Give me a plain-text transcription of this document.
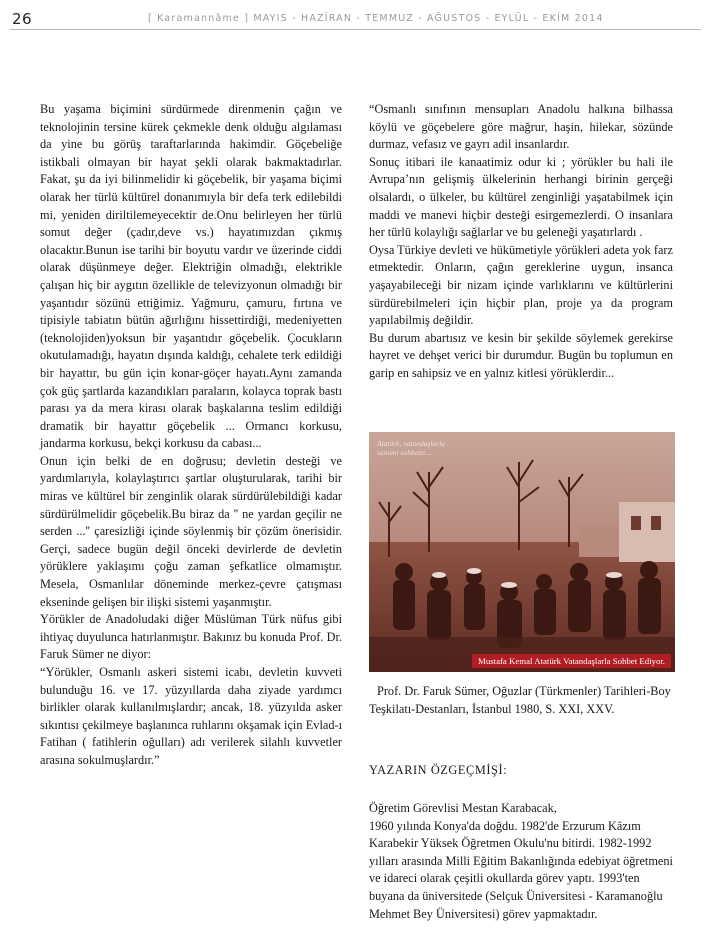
26	[ Karamannâme ] MAYIS - HAZİRAN - TEMMUZ - AĞUSTOS - EYLÜL - EKİM 2014

Bu yaşama biçimini sürdürmede direnmenin çağın ve teknolojinin tersine kürek çekmekle denk olduğu algılaması da yine bu görüş taraftarlarında hakimdir. Göçebeliğe istikbali olmayan bir hayat şekli olarak bakmaktadırlar. Fakat, şu da iyi bilinmelidir ki göçebelik, bir yaşama biçimi olarak her türlü kültürel donanımıyla bir defa terk edilebildi mi, yeniden diriltilemeyecektir de.Onu belirleyen her türlü somut değer (çadır,deve vs.) hayatımızdan çıkmış olacaktır.Bunun ise tarihi bir boyutu vardır ve üzerinde ciddi olarak düşünmeye değer. Elektriğin olmadığı, elektrikle çalışan hiç bir aygıtın özellikle de televizyonun olmadığı bir yaşantıdır sözünü ettiğimiz. Yağmuru, çamuru, fırtına ve tipisiyle tabiatın bütün ağırlığını hissettirdiği, medeniyetten (teknolojiden)yoksun bir yaşantıdır göçebelik. Çocukların okutulamadığı, hayatın dışında kaldığı, cehalete terk edildiği bir hayattır, bu gün için konar-göçer hayatı.Aynı zamanda çok güç şartlarda kazandıkları paraların, kolayca toprak bastı parası ya da mera kirası olarak başkalarına teslim edildiği dramatik bir hayattır göçebelik ... Ormancı korkusu, jandarma korkusu, bekçi korkusu da cabası...

Onun için belki de en doğrusu; devletin desteği ve yardımlarıyla, kolaylaştırıcı şartlar oluşturularak, tarihi bir miras ve kültürel bir zenginlik olarak sürdürülebildiği kadar sürdürülmelidir göçebelik.Bu biraz da '' ne yardan geçilir ne serden ...'' çaresizliği içinde söylenmiş bir çözüm önerisidir. Gerçi, sadece bugün değil önceki devirlerde de devletin yörüklere yaklaşımı çoğu zaman şefkatlice olmamıştır. Mesela, Osmanlılar döneminde merkez-çevre çatışması ekseninde gelişen bir ilişki sistemi yaşanmıştır.

Yörükler de Anadoludaki diğer Müslüman Türk nüfus gibi ihtiyaç duyulunca hatırlanmıştır. Bakınız bu konuda Prof. Dr. Faruk Sümer ne diyor:

“Yörükler, Osmanlı askeri sistemi icabı, devletin kuvveti bulunduğu 16. ve 17. yüzyıllarda daha ziyade yardımcı birlikler olarak kullanılmışlardır; ancak, 18. yüzyılda asker sıkıntısı çekilmeye başlanınca ruhlarını okşamak için Evlad-ı Fatihan ( fatihlerin oğulları) adı verilerek silahlı kuvvetler arasına sokulmuşlardır.”

“Osmanlı sınıfının mensupları Anadolu halkına bilhassa köylü ve göçebelere göre mağrur, haşin, hilekar, sözünde durmaz, vefasız ve gayrı adil insanlardır.

Sonuç itibari ile kanaatimiz odur ki ; yörükler bu hali ile Avrupa’nın gelişmiş ülkelerinin herhangi birinin gerçeği olsalardı, o ülkeler, bu kültürel zenginliği yaşatabilmek için maddi ve manevi hiçbir desteği esirgemezlerdi. O insanlara her türlü kolaylığı sağlarlar ve bu geleneği yaşatırlardı .

Oysa Türkiye devleti ve hükümetiyle yörükleri adeta yok farz etmektedir. Onların, çağın gereklerine uygun, insanca yaşayabileceği bir nizam içinde varlıklarını ve kültürlerini sürdürebilmeleri için hiçbir plan, proje ya da program yapılabilmiş değildir.

Bu durum abartısız ve kesin bir şekilde söylemek gerekirse hayret ve dehşet verici bir durumdur. Bugün bu toplumun en garip en sahipsiz ve en yalnız kitlesi yörüklerdir...

Atatürk, vatandaşlarla
samimi sohbette...
Mustafa Kemal Atatürk Vatandaşlarla Sohbet Ediyor.

Prof. Dr. Faruk Sümer, Oğuzlar (Türkmenler) Tarihleri-Boy Teşkilatı-Destanları, İstanbul 1980, S. XXI, XXV.

YAZARIN ÖZGEÇMİŞİ:

Öğretim Görevlisi Mestan Karabacak,

1960 yılında Konya'da doğdu. 1982'de Erzurum Kâzım Karabekir Yüksek Öğretmen Okulu'nu bitirdi. 1982-1992 yılları arasında Milli Eğitim Bakanlığında edebiyat öğretmeni ve idareci olarak çeşitli okullarda görev yaptı. 1993'ten buyana da üniversitede (Selçuk Üniversitesi - Karamanoğlu Mehmet Bey Üniversitesi) görev yapmaktadır.
